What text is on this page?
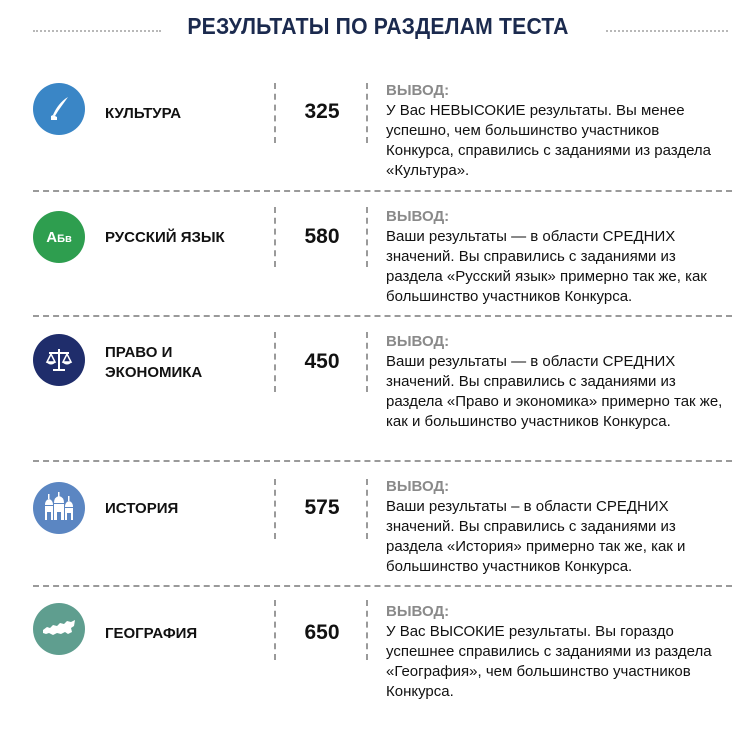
РЕЗУЛЬТАТЫ ПО РАЗДЕЛАМ ТЕСТА
КУЛЬТУРА	325
ВЫВОД:
У Вас НЕВЫСОКИЕ результаты. Вы менее успешно, чем большинство участников Конкурса, справились с заданиями из раздела «Культура».
АБв РУССКИЙ ЯЗЫК	580
ВЫВОД:
Ваши результаты — в области СРЕДНИХ значений. Вы справились с заданиями из раздела «Русский язык» примерно так же, как большинство участников Конкурса.
ПРАВО И
ЭКОНОМИКА	450
ВЫВОД:
Ваши результаты — в области СРЕДНИХ значений. Вы справились с заданиями из раздела «Право и экономика» примерно так же, как и большинство участников Конкурса.
ИСТОРИЯ	575
ВЫВОД:
Ваши результаты – в области СРЕДНИХ значений. Вы справились с заданиями из раздела «История» примерно так же, как и большинство участников Конкурса.
ГЕОГРАФИЯ	650
ВЫВОД:
У Вас ВЫСОКИЕ результаты. Вы гораздо успешнее справились с заданиями из раздела «География», чем большинство участников Конкурса.
